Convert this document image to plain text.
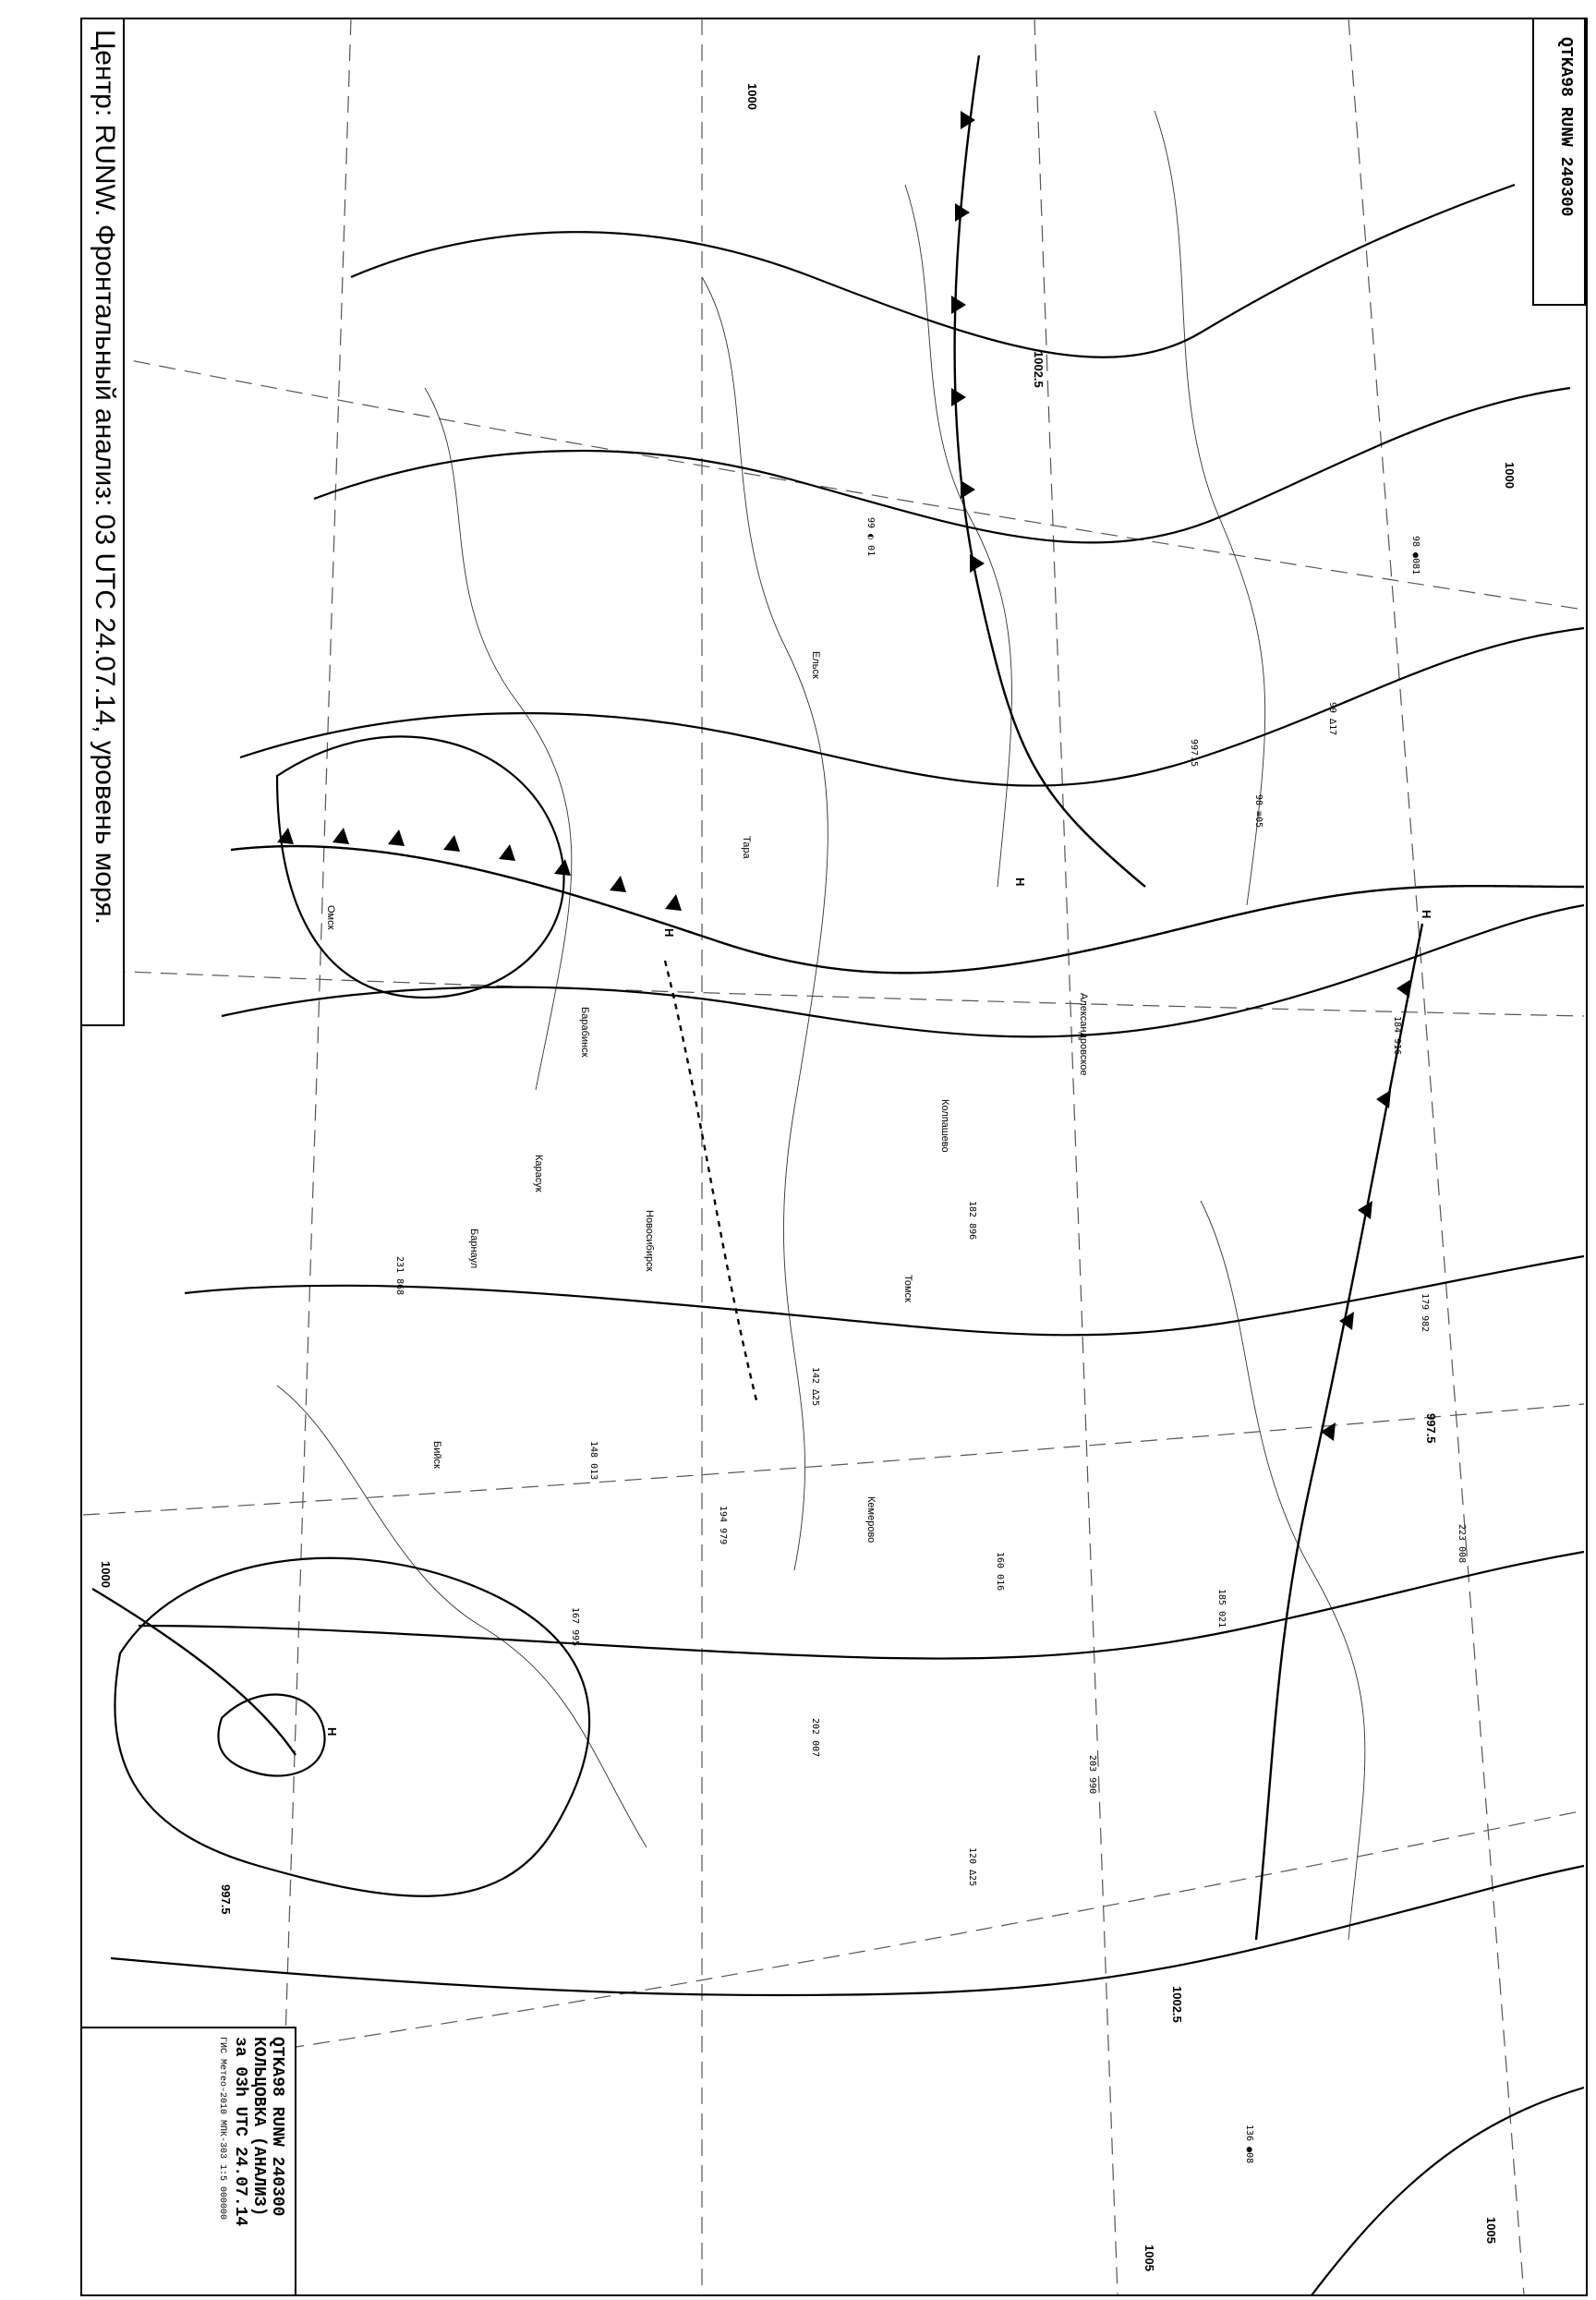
1000
1002.5
1000
997.5
997.5
1000
1005
1005
1002.5
Н
Н
Н
Н
Ельск
Тара
Барабинск
Карасук
Омск
Новосибирск
Барнаул
Бийск
Кемерово
Томск
Колпашево
Александровское
98 ●081
99 ∆17
98 ≡05
184 916
179 982
223 008
148 013
185 021
167 995
182 896
194 979
231 868
997.5
99 ◐ 01
120 ∆25
142 ∆25
160 016
202 007
203 990
136 ●08
Центр: RUNW. Фронтальный анализ: 03 UTC 24.07.14, уровень моря.	QTKA98 RUNW 240300
QTKA98 RUNW 240300
КОЛЬЦОВКА (АНАЛИЗ)
за 03h UTC 24.07.14
ГИС Метео-2010 МПК-303 1:5 000000
